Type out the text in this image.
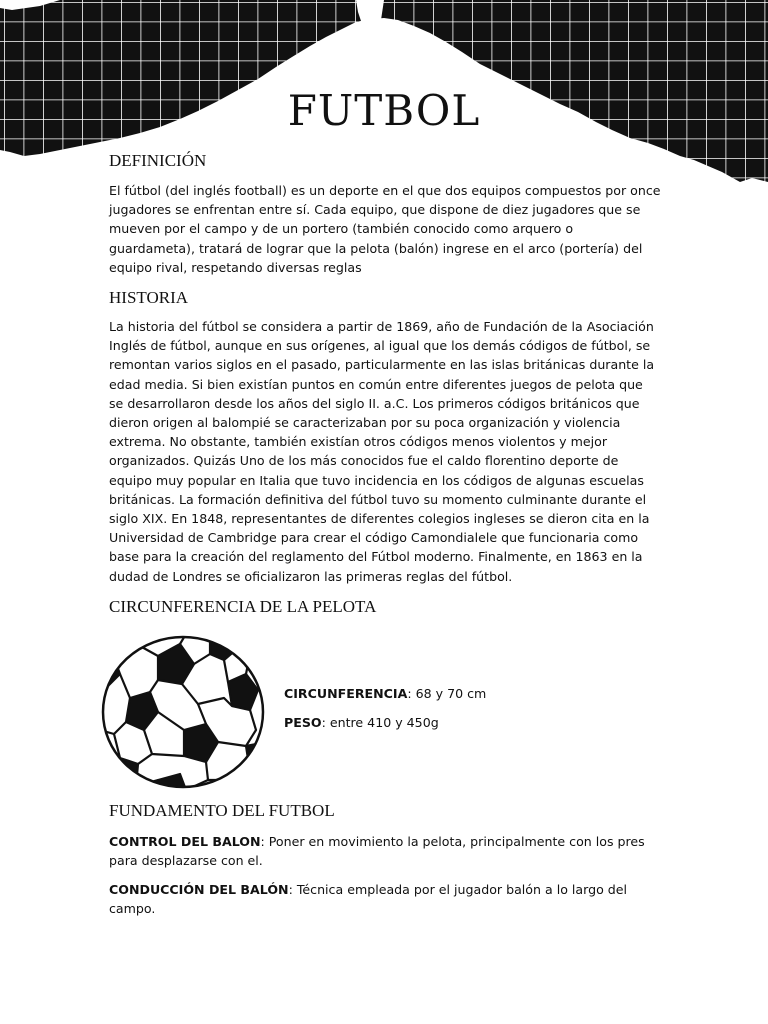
FUTBOL
DEFINICIÓN

El fútbol (del inglés football) es un deporte en el que dos equipos compuestos por once jugadores se enfrentan entre sí. Cada equipo, que dispone de diez jugadores que se mueven por el campo y de un portero (también conocido como arquero o guardameta), tratará de lograr que la pelota (balón) ingrese en el arco (portería) del equipo rival, respetando diversas reglas

HISTORIA

La historia del fútbol se considera a partir de 1869, año de Fundación de la Asociación Inglés de fútbol, aunque en sus orígenes, al igual que los demás códigos de fútbol, se remontan varios siglos en el pasado, particularmente en las islas británicas durante la edad media. Si bien existían puntos en común entre diferentes juegos de pelota que se desarrollaron desde los años del siglo II. a.C. Los primeros códigos británicos que dieron origen al balompié se caracterizaban por su poca organización y violencia extrema. No obstante, también existían otros códigos menos violentos y mejor organizados. Quizás Uno de los más conocidos fue el caldo florentino deporte de equipo muy popular en Italia que tuvo incidencia en los códigos de algunas escuelas británicas. La formación definitiva del fútbol tuvo su momento culminante durante el siglo XIX. En 1848, representantes de diferentes colegios ingleses se dieron cita en la Universidad de Cambridge para crear el código Camondialele que funcionaria como base para la creación del reglamento del Fútbol moderno. Finalmente, en 1863 en la dudad de Londres se oficializaron las primeras reglas del fútbol.

CIRCUNFERENCIA DE LA PELOTA
CIRCUNFERENCIA: 68 y 70 cm
PESO: entre 410 y 450g
FUNDAMENTO DEL FUTBOL

CONTROL DEL BALON: Poner en movimiento la pelota, principalmente con los pres para desplazarse con el.

CONDUCCIÓN DEL BALÓN: Técnica empleada por el jugador balón a lo largo del campo.
